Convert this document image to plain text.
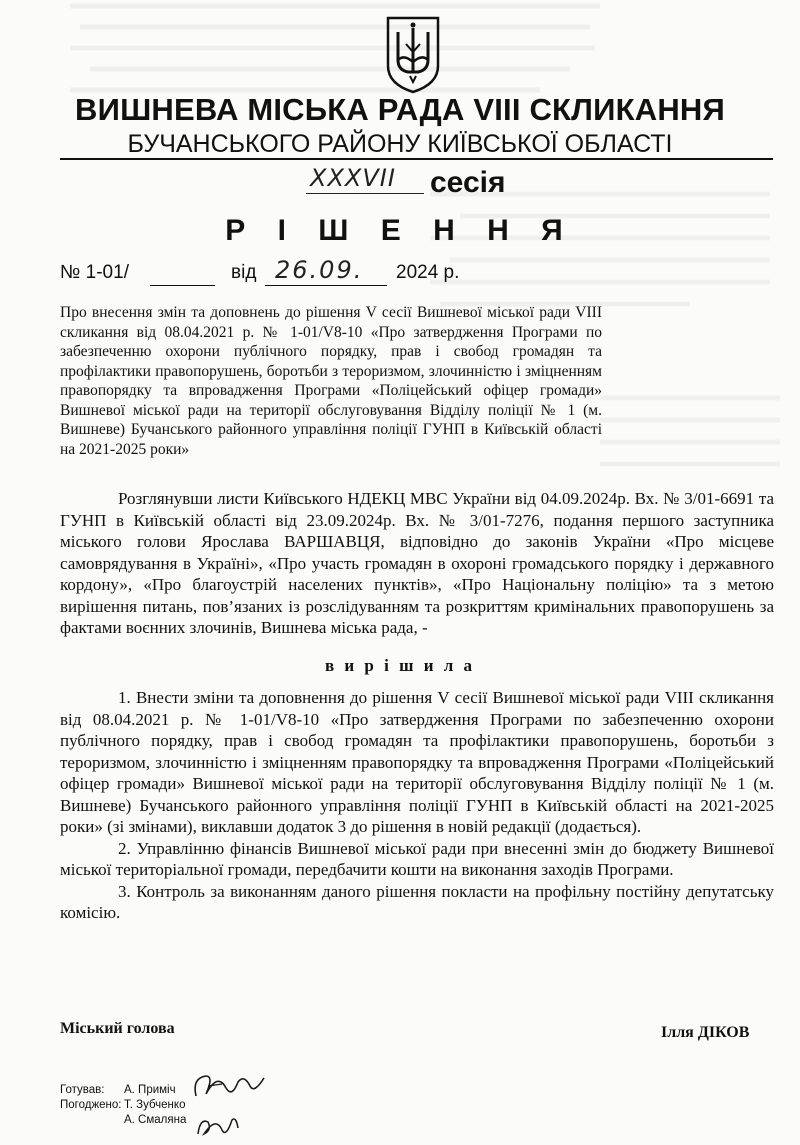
ВИШНЕВА МІСЬКА РАДА VIII СКЛИКАННЯ
БУЧАНСЬКОГО РАЙОНУ КИЇВСЬКОЇ ОБЛАСТІ
XXXVII сесія
Р І Ш Е Н Н Я
№ 1-01/	від 26.09. 2024 р.
Про внесення змін та доповнень до рішення V сесії Вишневої міської ради VIII скликання від 08.04.2021 р. № 1-01/V8-10 «Про затвердження Програми по забезпеченню охорони публічного порядку, прав і свобод громадян та профілактики правопорушень, боротьби з тероризмом, злочинністю і зміцненням правопорядку та впровадження Програми «Поліцейський офіцер громади» Вишневої міської ради на території обслуговування Відділу поліції № 1 (м. Вишневе) Бучанського районного управління поліції ГУНП в Київській області на 2021-2025 роки»

Розглянувши листи Київського НДЕКЦ МВС України від 04.09.2024р. Вх. № 3/01-6691 та ГУНП в Київській області від 23.09.2024р. Вх. № 3/01-7276, подання першого заступника міського голови Ярослава ВАРШАВЦЯ, відповідно до законів України «Про місцеве самоврядування в Україні», «Про участь громадян в охороні громадського порядку і державного кордону», «Про благоустрій населених пунктів», «Про Національну поліцію» та з метою вирішення питань, пов’язаних із розслідуванням та розкриттям кримінальних правопорушень за фактами воєнних злочинів, Вишнева міська рада, -

в и р і ш и л а

1. Внести зміни та доповнення до рішення V сесії Вишневої міської ради VIII скликання від 08.04.2021 р. № 1-01/V8-10 «Про затвердження Програми по забезпеченню охорони публічного порядку, прав і свобод громадян та профілактики правопорушень, боротьби з тероризмом, злочинністю і зміцненням правопорядку та впровадження Програми «Поліцейський офіцер громади» Вишневої міської ради на території обслуговування Відділу поліції № 1 (м. Вишневе) Бучанського районного управління поліції ГУНП в Київській області на 2021-2025 роки» (зі змінами), виклавши додаток 3 до рішення в новій редакції (додається).

2. Управлінню фінансів Вишневої міської ради при внесенні змін до бюджету Вишневої міської територіальної громади, передбачити кошти на виконання заходів Програми.

3. Контроль за виконанням даного рішення покласти на профільну постійну депутатську комісію.

Міський голова	Ілля ДІКОВ
Готував: А. Приміч
Погоджено: Т. Зубченко
А. Смаляна
